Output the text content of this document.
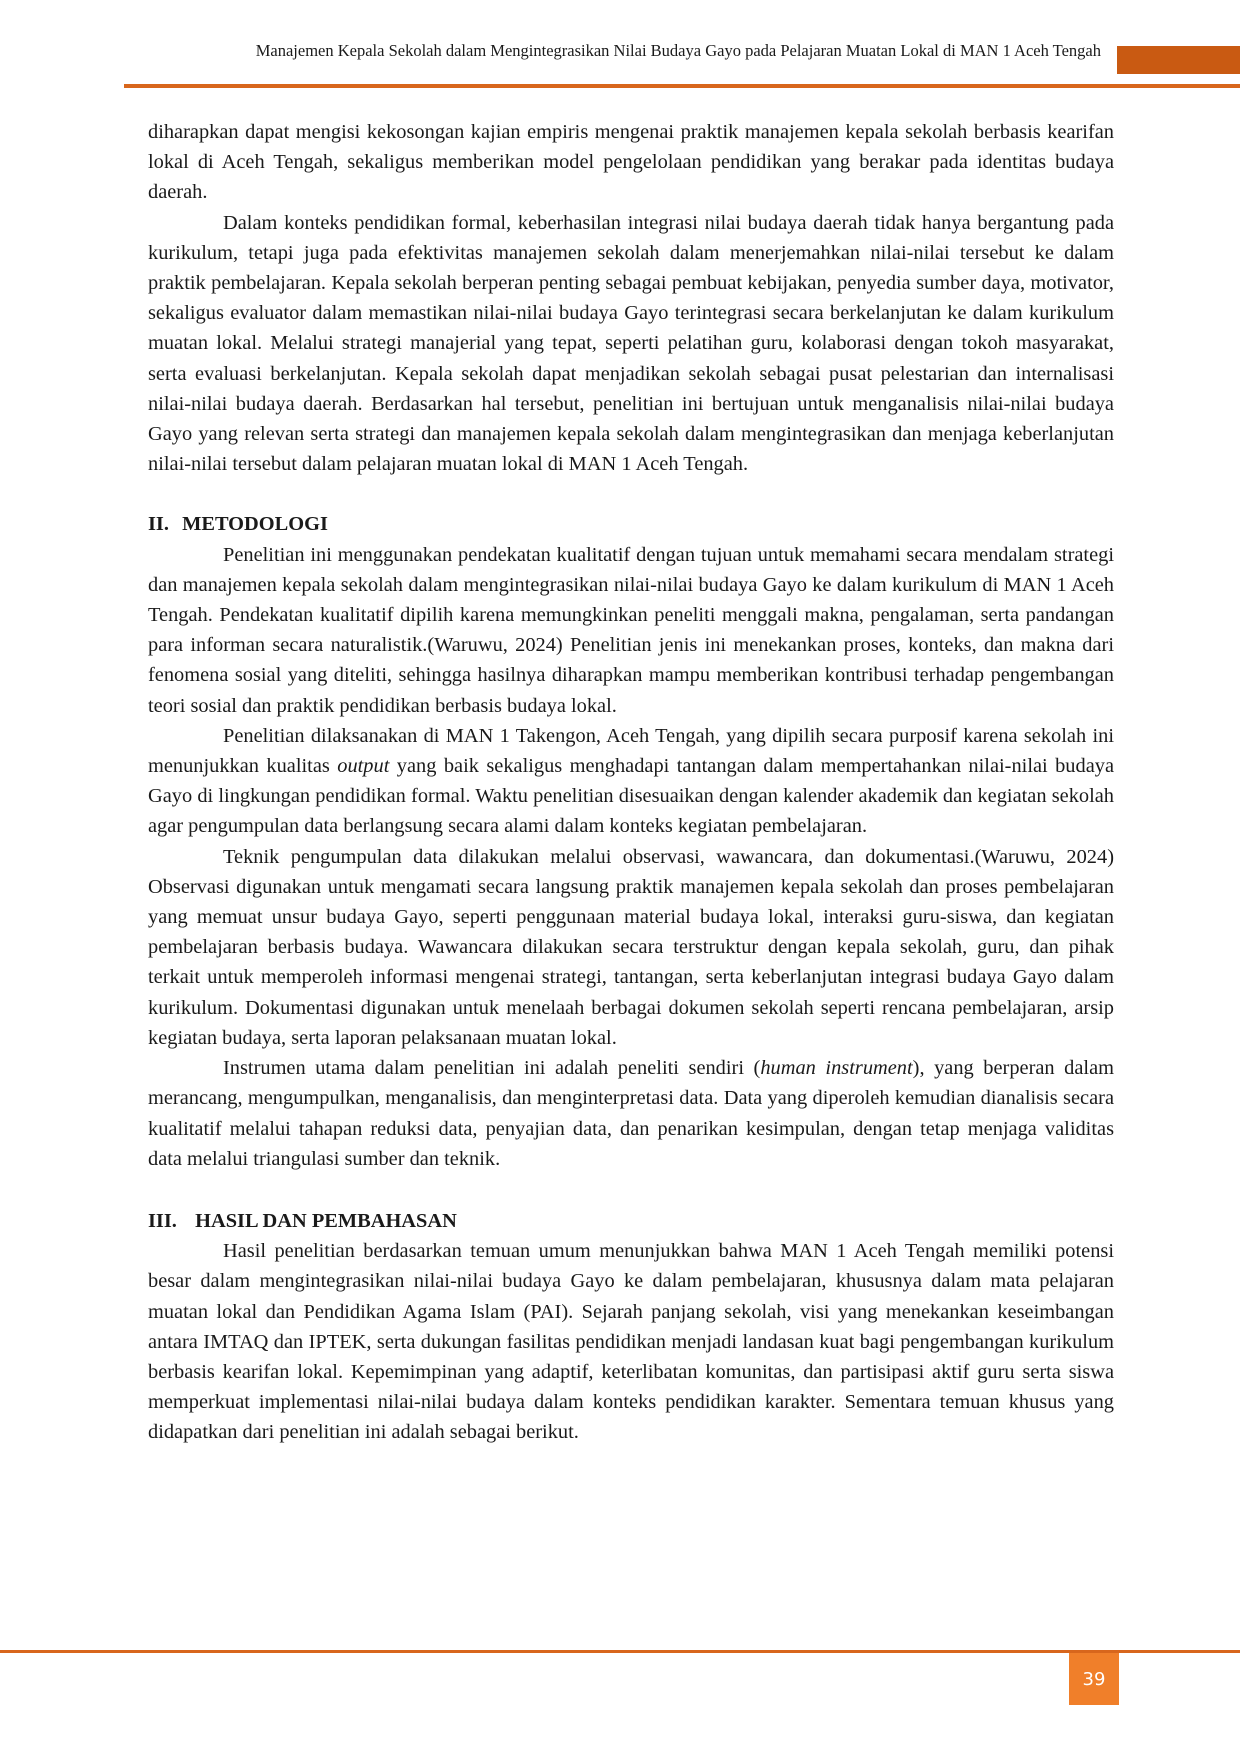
Manajemen Kepala Sekolah dalam Mengintegrasikan Nilai Budaya Gayo pada Pelajaran Muatan Lokal di MAN 1 Aceh Tengah

diharapkan dapat mengisi kekosongan kajian empiris mengenai praktik manajemen kepala sekolah berbasis kearifan lokal di Aceh Tengah, sekaligus memberikan model pengelolaan pendidikan yang berakar pada identitas budaya daerah.

Dalam konteks pendidikan formal, keberhasilan integrasi nilai budaya daerah tidak hanya bergantung pada kurikulum, tetapi juga pada efektivitas manajemen sekolah dalam menerjemahkan nilai-nilai tersebut ke dalam praktik pembelajaran. Kepala sekolah berperan penting sebagai pembuat kebijakan, penyedia sumber daya, motivator, sekaligus evaluator dalam memastikan nilai-nilai budaya Gayo terintegrasi secara berkelanjutan ke dalam kurikulum muatan lokal. Melalui strategi manajerial yang tepat, seperti pelatihan guru, kolaborasi dengan tokoh masyarakat, serta evaluasi berkelanjutan. Kepala sekolah dapat menjadikan sekolah sebagai pusat pelestarian dan internalisasi nilai-nilai budaya daerah. Berdasarkan hal tersebut, penelitian ini bertujuan untuk menganalisis nilai-nilai budaya Gayo yang relevan serta strategi dan manajemen kepala sekolah dalam mengintegrasikan dan menjaga keberlanjutan nilai-nilai tersebut dalam pelajaran muatan lokal di MAN 1 Aceh Tengah.

II. METODOLOGI

Penelitian ini menggunakan pendekatan kualitatif dengan tujuan untuk memahami secara mendalam strategi dan manajemen kepala sekolah dalam mengintegrasikan nilai-nilai budaya Gayo ke dalam kurikulum di MAN 1 Aceh Tengah. Pendekatan kualitatif dipilih karena memungkinkan peneliti menggali makna, pengalaman, serta pandangan para informan secara naturalistik.(Waruwu, 2024) Penelitian jenis ini menekankan proses, konteks, dan makna dari fenomena sosial yang diteliti, sehingga hasilnya diharapkan mampu memberikan kontribusi terhadap pengembangan teori sosial dan praktik pendidikan berbasis budaya lokal.

Penelitian dilaksanakan di MAN 1 Takengon, Aceh Tengah, yang dipilih secara purposif karena sekolah ini menunjukkan kualitas output yang baik sekaligus menghadapi tantangan dalam mempertahankan nilai-nilai budaya Gayo di lingkungan pendidikan formal. Waktu penelitian disesuaikan dengan kalender akademik dan kegiatan sekolah agar pengumpulan data berlangsung secara alami dalam konteks kegiatan pembelajaran.

Teknik pengumpulan data dilakukan melalui observasi, wawancara, dan dokumentasi.(Waruwu, 2024) Observasi digunakan untuk mengamati secara langsung praktik manajemen kepala sekolah dan proses pembelajaran yang memuat unsur budaya Gayo, seperti penggunaan material budaya lokal, interaksi guru-siswa, dan kegiatan pembelajaran berbasis budaya. Wawancara dilakukan secara terstruktur dengan kepala sekolah, guru, dan pihak terkait untuk memperoleh informasi mengenai strategi, tantangan, serta keberlanjutan integrasi budaya Gayo dalam kurikulum. Dokumentasi digunakan untuk menelaah berbagai dokumen sekolah seperti rencana pembelajaran, arsip kegiatan budaya, serta laporan pelaksanaan muatan lokal.

Instrumen utama dalam penelitian ini adalah peneliti sendiri (human instrument), yang berperan dalam merancang, mengumpulkan, menganalisis, dan menginterpretasi data. Data yang diperoleh kemudian dianalisis secara kualitatif melalui tahapan reduksi data, penyajian data, dan penarikan kesimpulan, dengan tetap menjaga validitas data melalui triangulasi sumber dan teknik.

III. HASIL DAN PEMBAHASAN

Hasil penelitian berdasarkan temuan umum menunjukkan bahwa MAN 1 Aceh Tengah memiliki potensi besar dalam mengintegrasikan nilai-nilai budaya Gayo ke dalam pembelajaran, khususnya dalam mata pelajaran muatan lokal dan Pendidikan Agama Islam (PAI). Sejarah panjang sekolah, visi yang menekankan keseimbangan antara IMTAQ dan IPTEK, serta dukungan fasilitas pendidikan menjadi landasan kuat bagi pengembangan kurikulum berbasis kearifan lokal. Kepemimpinan yang adaptif, keterlibatan komunitas, dan partisipasi aktif guru serta siswa memperkuat implementasi nilai-nilai budaya dalam konteks pendidikan karakter. Sementara temuan khusus yang didapatkan dari penelitian ini adalah sebagai berikut.

39
